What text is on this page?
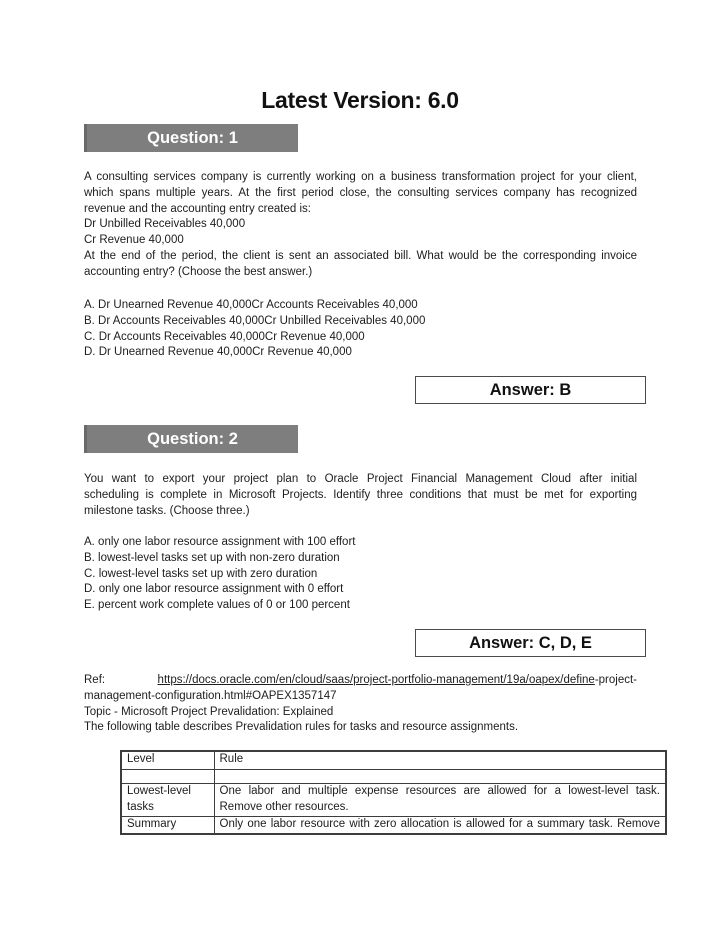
Latest Version: 6.0
Question: 1
A consulting services company is currently working on a business transformation project for your client,
which spans multiple years. At the first period close, the consulting services company has recognized
revenue and the accounting entry created is:
Dr Unbilled Receivables 40,000
Cr Revenue 40,000
At the end of the period, the client is sent an associated bill. What would be the corresponding invoice
accounting entry? (Choose the best answer.)
A. Dr Unearned Revenue 40,000Cr Accounts Receivables 40,000
B. Dr Accounts Receivables 40,000Cr Unbilled Receivables 40,000
C. Dr Accounts Receivables 40,000Cr Revenue 40,000
D. Dr Unearned Revenue 40,000Cr Revenue 40,000
Answer: B
Question: 2
You want to export your project plan to Oracle Project Financial Management Cloud after initial
scheduling is complete in Microsoft Projects. Identify three conditions that must be met for exporting
milestone tasks. (Choose three.)
A. only one labor resource assignment with 100 effort
B. lowest-level tasks set up with non-zero duration
C. lowest-level tasks set up with zero duration
D. only one labor resource assignment with 0 effort
E. percent work complete values of 0 or 100 percent
Answer: C, D, E
Ref:	https://docs.oracle.com/en/cloud/saas/project-portfolio-management/19a/oapex/define-project-
management-configuration.html#OAPEX1357147
Topic - Microsoft Project Prevalidation: Explained
The following table describes Prevalidation rules for tasks and resource assignments.
Level	Rule

Lowest-level tasks	One labor and multiple expense resources are allowed for a lowest-level task.
Remove other resources.

Summary	Only one labor resource with zero allocation is allowed for a summary task. Remove
